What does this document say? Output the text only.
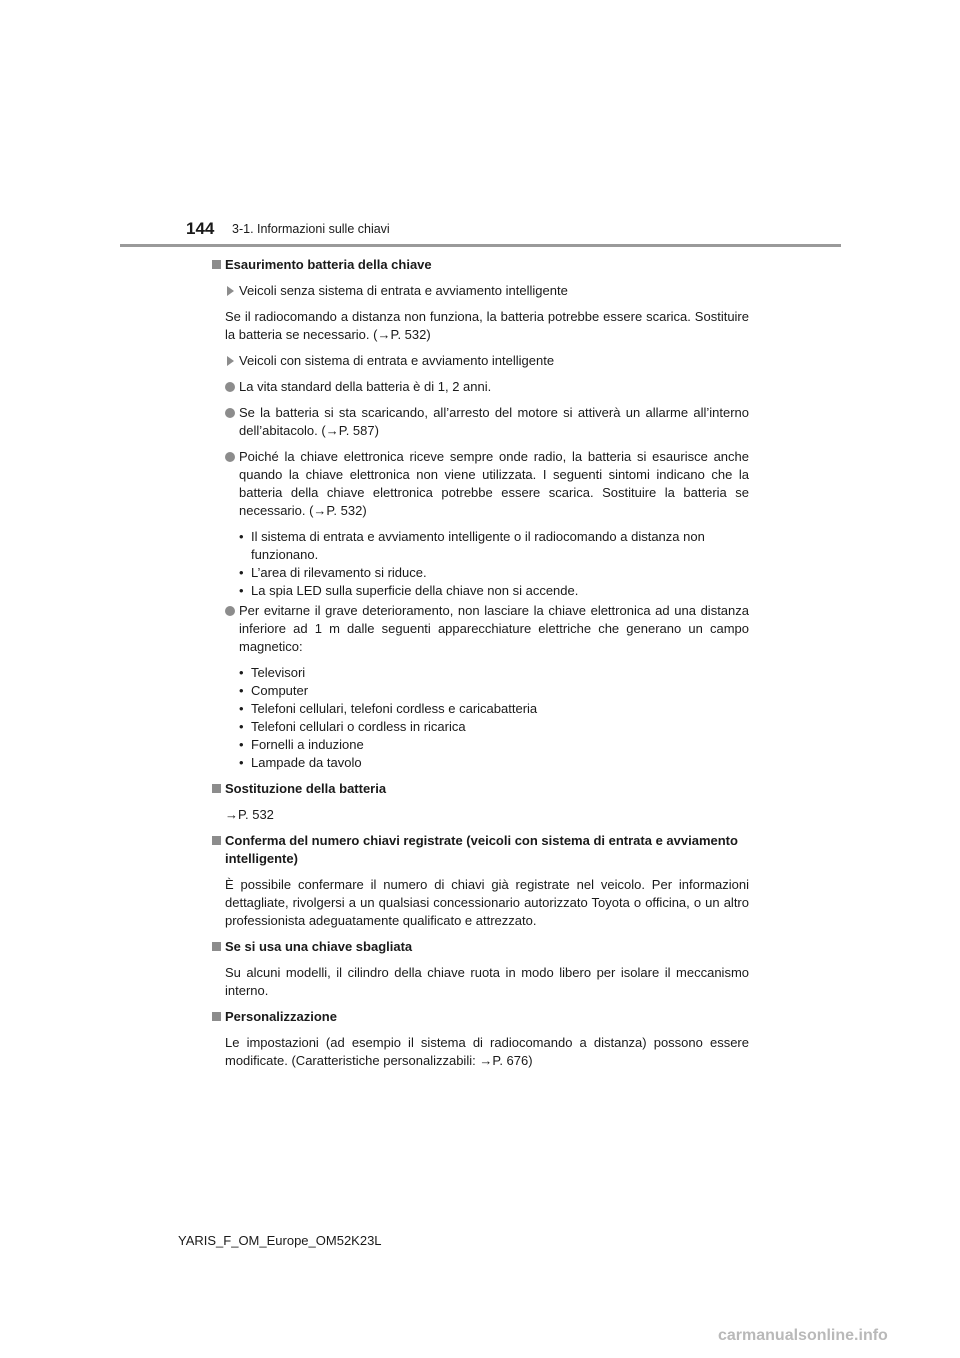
144 3-1. Informazioni sulle chiavi
Esaurimento batteria della chiave
Veicoli senza sistema di entrata e avviamento intelligente
Se il radiocomando a distanza non funziona, la batteria potrebbe essere scarica. Sostituire la batteria se necessario. (→P. 532)
Veicoli con sistema di entrata e avviamento intelligente
La vita standard della batteria è di 1, 2 anni.
Se la batteria si sta scaricando, all’arresto del motore si attiverà un allarme all’interno dell’abitacolo. (→P. 587)
Poiché la chiave elettronica riceve sempre onde radio, la batteria si esaurisce anche quando la chiave elettronica non viene utilizzata. I seguenti sintomi indicano che la batteria della chiave elettronica potrebbe essere scarica. Sostituire la batteria se necessario. (→P. 532)
• Il sistema di entrata e avviamento intelligente o il radiocomando a distanza non funzionano.
• L’area di rilevamento si riduce.
• La spia LED sulla superficie della chiave non si accende.
Per evitarne il grave deterioramento, non lasciare la chiave elettronica ad una distanza inferiore ad 1 m dalle seguenti apparecchiature elettriche che generano un campo magnetico:
• Televisori
• Computer
• Telefoni cellulari, telefoni cordless e caricabatteria
• Telefoni cellulari o cordless in ricarica
• Fornelli a induzione
• Lampade da tavolo
Sostituzione della batteria
→P. 532
Conferma del numero chiavi registrate (veicoli con sistema di entrata e avviamento intelligente)
È possibile confermare il numero di chiavi già registrate nel veicolo. Per informazioni dettagliate, rivolgersi a un qualsiasi concessionario autorizzato Toyota o officina, o un altro professionista adeguatamente qualificato e attrezzato.
Se si usa una chiave sbagliata
Su alcuni modelli, il cilindro della chiave ruota in modo libero per isolare il meccanismo interno.
Personalizzazione
Le impostazioni (ad esempio il sistema di radiocomando a distanza) possono essere modificate. (Caratteristiche personalizzabili: →P. 676)
YARIS_F_OM_Europe_OM52K23L
carmanualsonline.info
